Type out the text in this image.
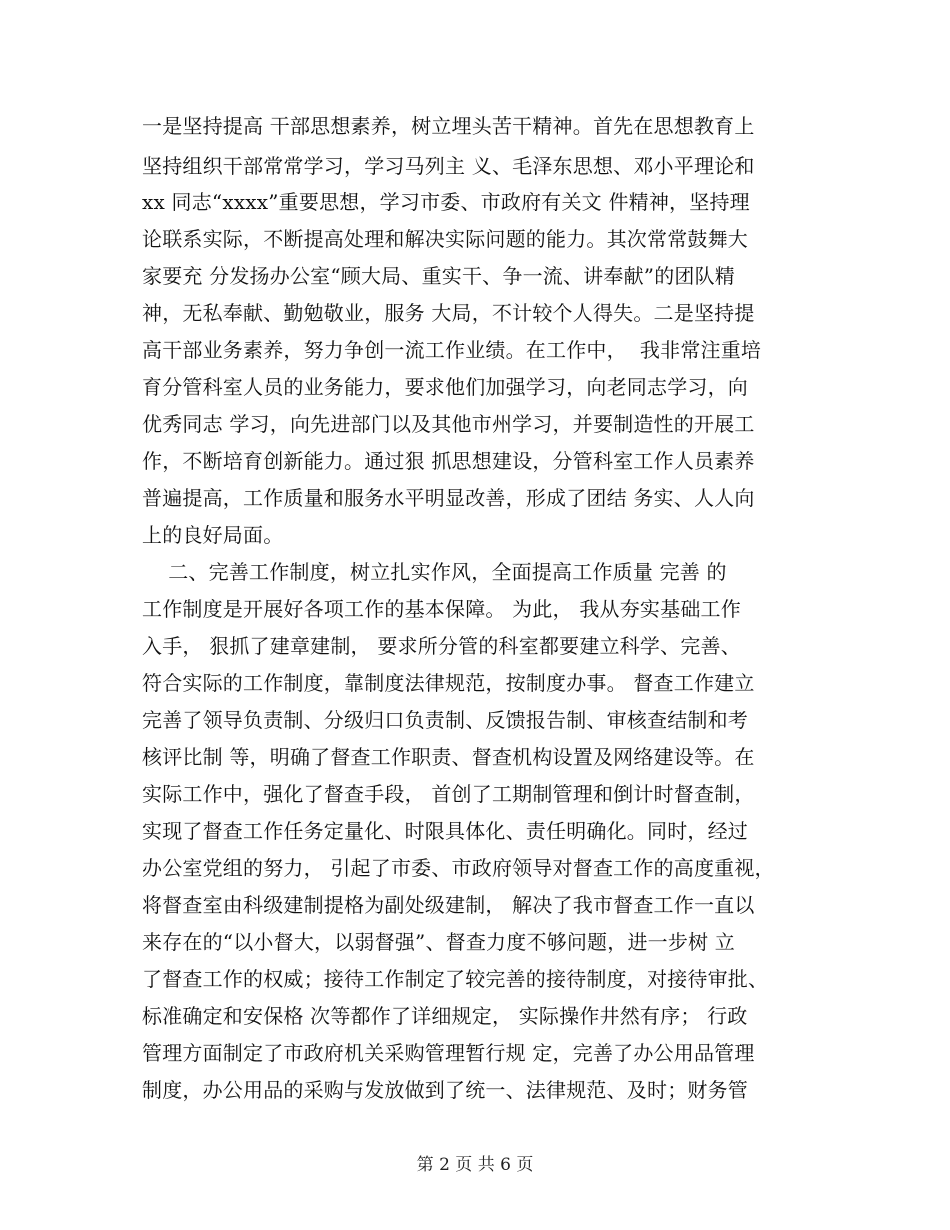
一是坚持提高 干部思想素养，树立埋头苦干精神。首先在思想教育上
坚持组织干部常常学习，学习马列主 义、毛泽东思想、邓小平理论和
xx 同志“xxxx”重要思想，学习市委、市政府有关文 件精神，坚持理
论联系实际，不断提高处理和解决实际问题的能力。其次常常鼓舞大
家要充 分发扬办公室“顾大局、重实干、争一流、讲奉献”的团队精
神，无私奉献、勤勉敬业，服务 大局，不计较个人得失。二是坚持提
高干部业务素养，努力争创一流工作业绩。在工作中，  我非常注重培
育分管科室人员的业务能力，要求他们加强学习，向老同志学习，向
优秀同志 学习，向先进部门以及其他市州学习，并要制造性的开展工
作，不断培育创新能力。通过狠 抓思想建设，分管科室工作人员素养
普遍提高，工作质量和服务水平明显改善，形成了团结 务实、人人向
上的良好局面。
二、完善工作制度，树立扎实作风，全面提高工作质量 完善 的
工作制度是开展好各项工作的基本保障。 为此， 我从夯实基础工作
入手， 狠抓了建章建制， 要求所分管的科室都要建立科学、完善、
符合实际的工作制度，靠制度法律规范，按制度办事。 督查工作建立
完善了领导负责制、分级归口负责制、反馈报告制、审核查结制和考
核评比制 等，明确了督查工作职责、督查机构设置及网络建设等。在
实际工作中，强化了督查手段， 首创了工期制管理和倒计时督查制，
实现了督查工作任务定量化、时限具体化、责任明确化。同时，经过
办公室党组的努力， 引起了市委、市政府领导对督查工作的高度重视，
将督查室由科级建制提格为副处级建制， 解决了我市督查工作一直以
来存在的“以小督大，以弱督强”、督查力度不够问题，进一步树 立
了督查工作的权威；接待工作制定了较完善的接待制度，对接待审批、
标准确定和安保格 次等都作了详细规定， 实际操作井然有序； 行政
管理方面制定了市政府机关采购管理暂行规 定，完善了办公用品管理
制度，办公用品的采购与发放做到了统一、法律规范、及时；财务管
第 2 页 共 6 页
